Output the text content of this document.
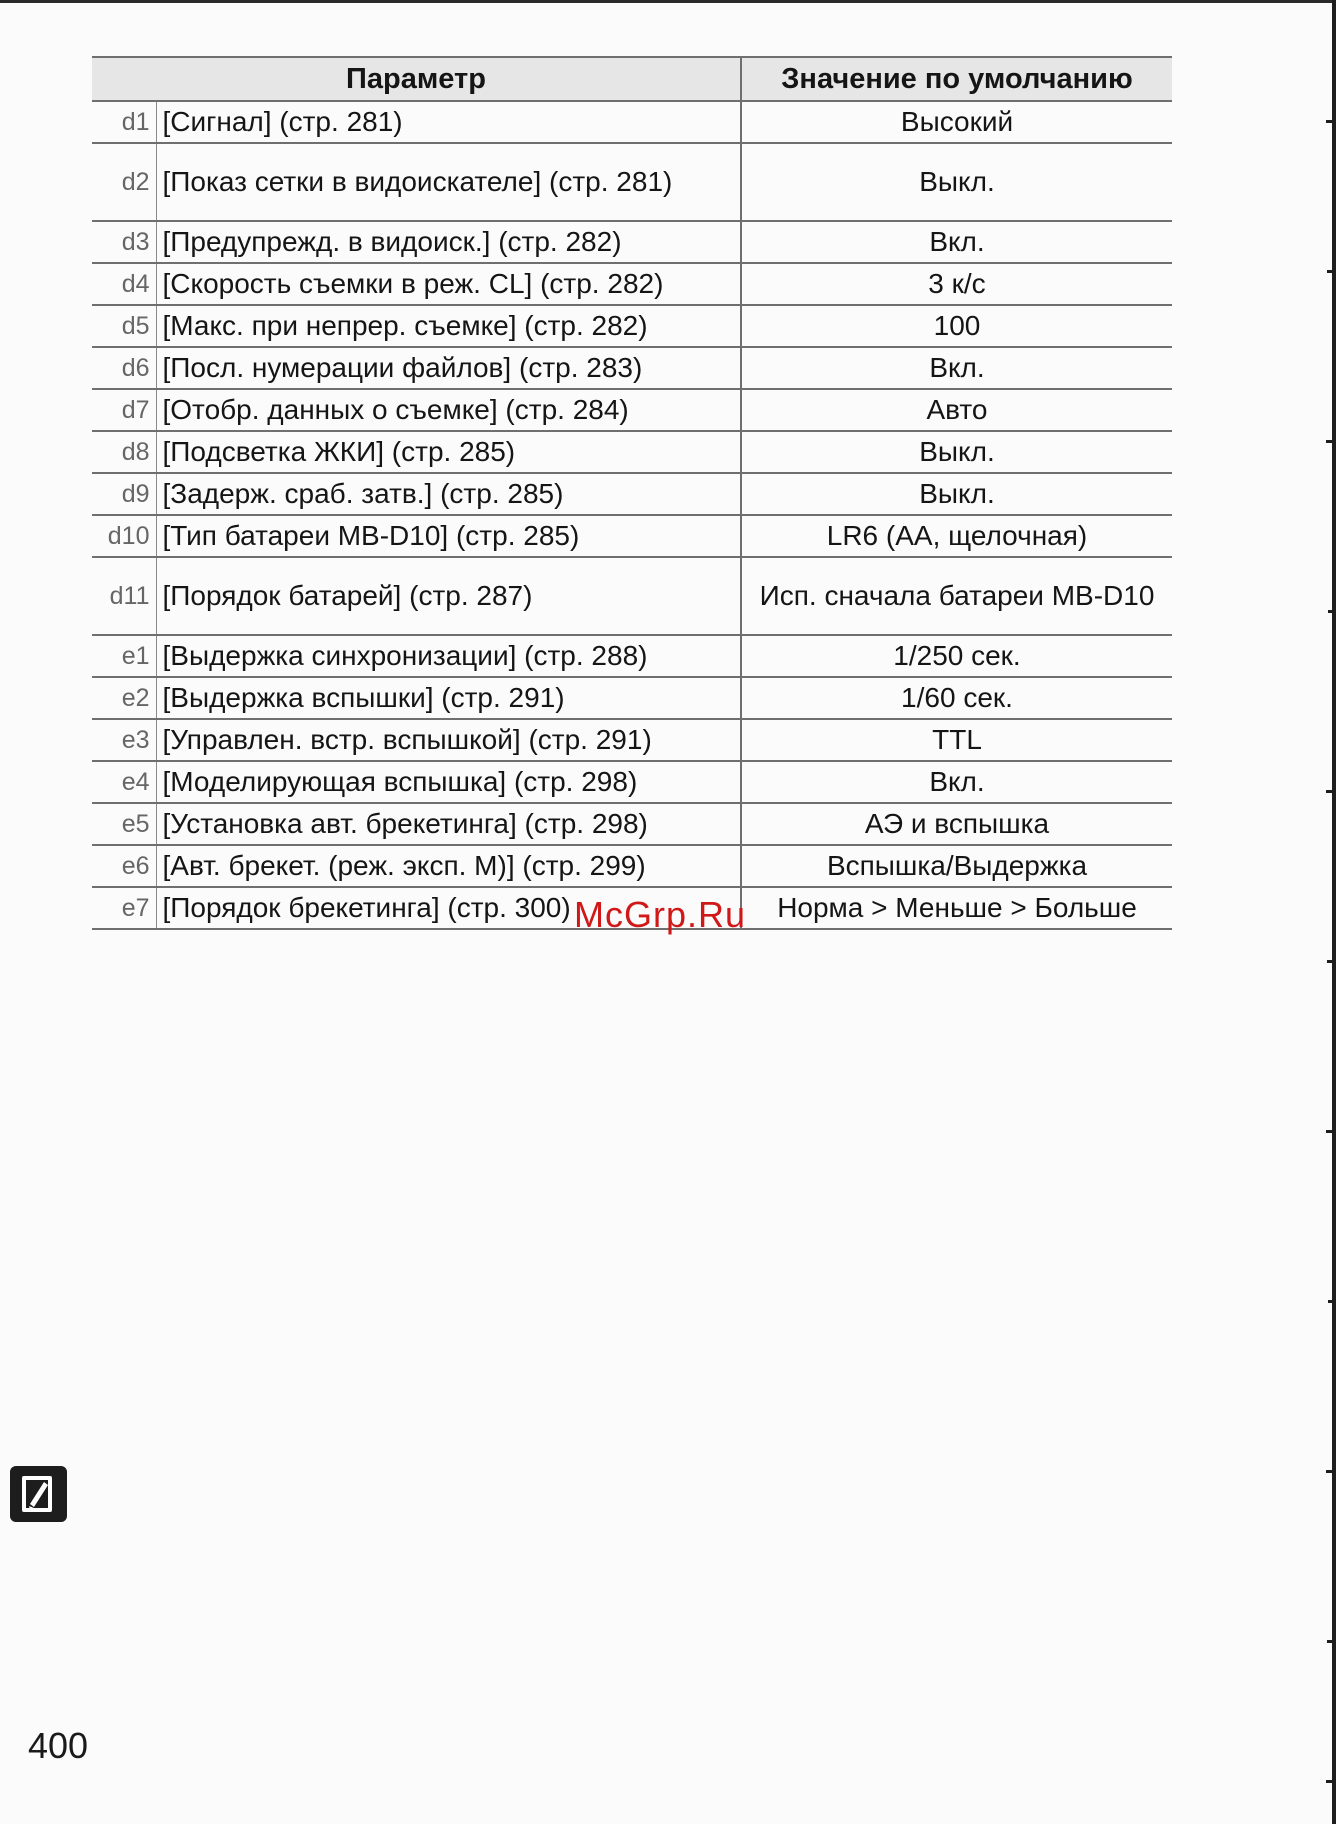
Параметр		Значение по умолчанию
d1	[Сигнал] (стр. 281)	Высокий
d2	[Показ сетки в видоискателе] (стр. 281)	Выкл.
d3	[Предупрежд. в видоиск.] (стр. 282)	Вкл.
d4	[Скорость съемки в реж. CL] (стр. 282)	3 к/с
d5	[Макс. при непрер. съемке] (стр. 282)	100
d6	[Посл. нумерации файлов] (стр. 283)	Вкл.
d7	[Отобр. данных о съемке] (стр. 284)	Авто
d8	[Подсветка ЖКИ] (стр. 285)	Выкл.
d9	[Задерж. сраб. затв.] (стр. 285)	Выкл.
d10	[Тип батареи MB-D10] (стр. 285)	LR6 (AA, щелочная)
d11	[Порядок батарей] (стр. 287)	Исп. сначала батареи MB-D10
e1	[Выдержка синхронизации] (стр. 288)	1/250 сек.
e2	[Выдержка вспышки] (стр. 291)	1/60 сек.
e3	[Управлен. встр. вспышкой] (стр. 291)	TTL
e4	[Моделирующая вспышка] (стр. 298)	Вкл.
e5	[Установка авт. брекетинга] (стр. 298)	АЭ и вспышка
e6	[Авт. брекет. (реж. эксп. M)] (стр. 299)	Вспышка/Выдержка
e7	[Порядок брекетинга] (стр. 300)	Норма > Меньше > Больше
McGrp.Ru
400
